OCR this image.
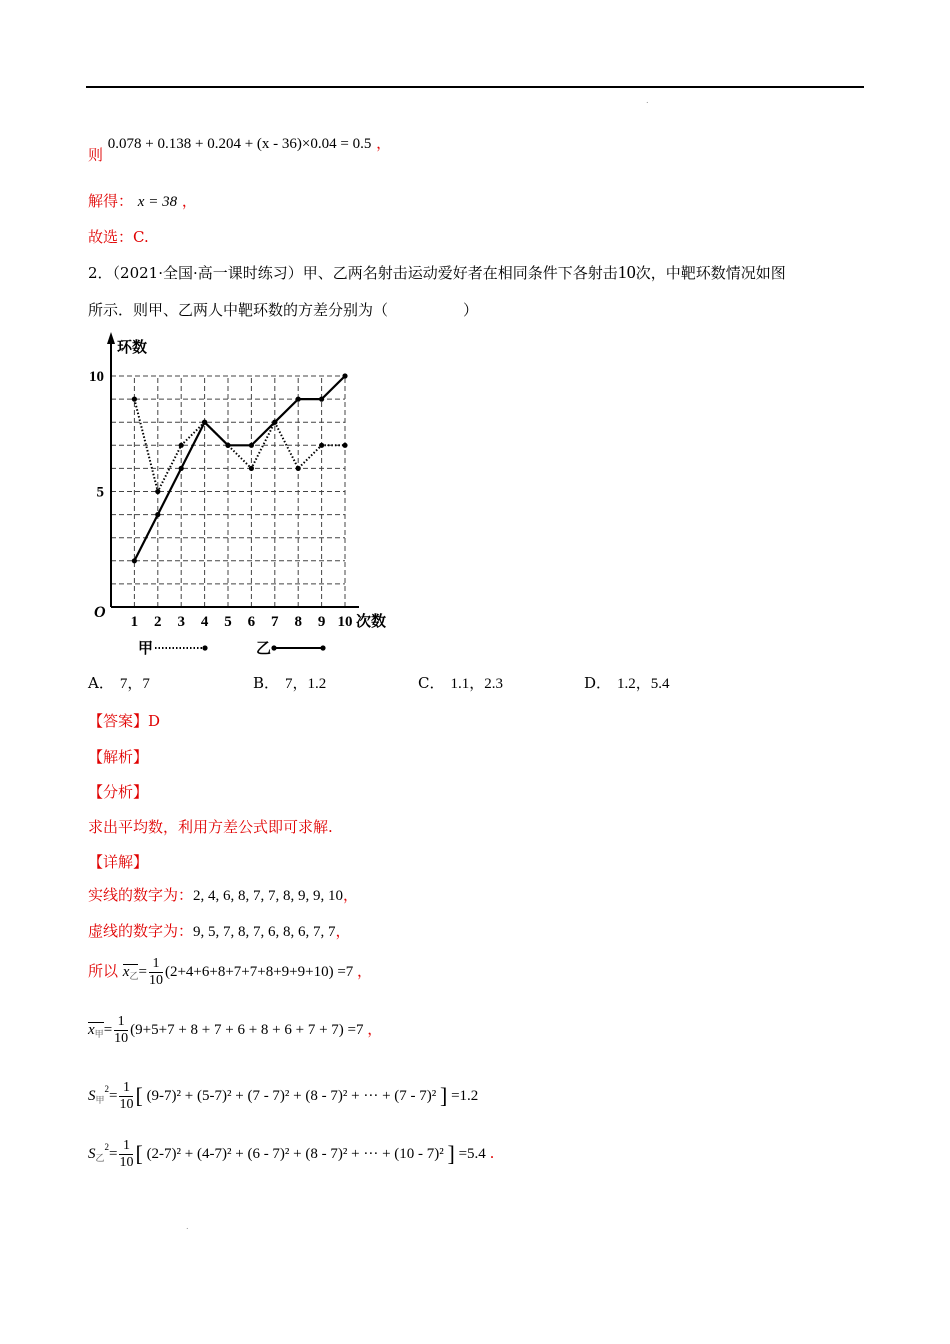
.
则 0.078 + 0.138 + 0.204 + (x - 36)×0.04 = 0.5 ，
解得： x = 38 ，
故选：C.
2．（2021·全国·高一课时练习）甲、乙两名射击运动爱好者在相同条件下各射击10次，中靶环数情况如图
所示．则甲、乙两人中靶环数的方差分别为（　　　　　）
环数
5
10
O
1 2 3 4 5 6 7 8 9 10 次数
甲	乙
A． 7，7	B． 7，1.2	C． 1.1，2.3	D． 1.2，5.4
【答案】D
【解析】
【分析】
求出平均数，利用方差公式即可求解.
【详解】
实线的数字为：2, 4, 6, 8, 7, 7, 8, 9, 9, 10，
虚线的数字为：9, 5, 7, 8, 7, 6, 8, 6, 7, 7，
所以 $x_乙= \frac{1}{10} (2+4+6+8+7+7+8+9+9+10) =7$ ，
$x_甲= \frac{1}{10} (9+5+7 + 8 + 7 + 6 + 8 + 6 + 7 + 7) =7$ ，
$S_甲^2= \frac{1}{10}$ [ (9-7)² + (5-7)² + (7 - 7)² + (8 - 7)² + ··· + (7 - 7)² ] =1.2
$S_乙^2= \frac{1}{10}$ [ (2-7)² + (4-7)² + (6 - 7)² + (8 - 7)² + ··· + (10 - 7)² ] =5.4 .
.
